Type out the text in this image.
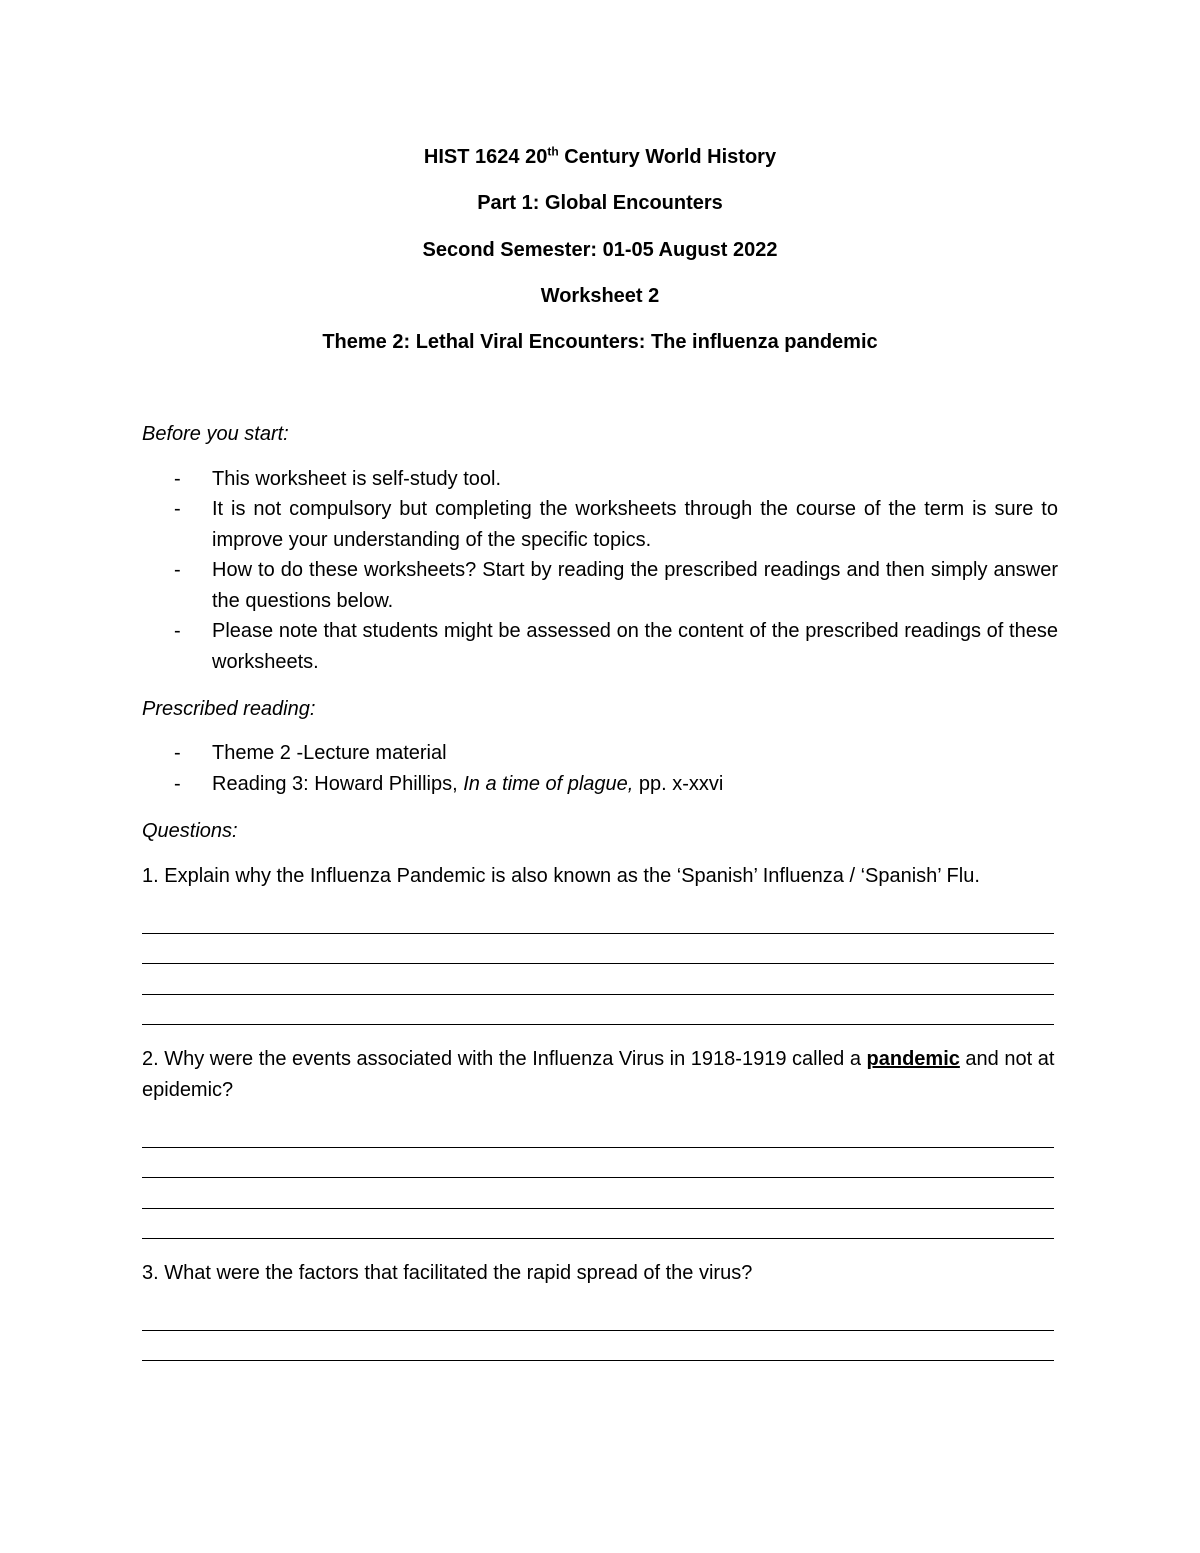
HIST 1624 20th Century World History
Part 1: Global Encounters
Second Semester: 01-05 August 2022
Worksheet 2
Theme 2: Lethal Viral Encounters: The influenza pandemic
Before you start:
- This worksheet is self-study tool.
- It is not compulsory but completing the worksheets through the course of the term is sure to improve your understanding of the specific topics.
- How to do these worksheets? Start by reading the prescribed readings and then simply answer the questions below.
- Please note that students might be assessed on the content of the prescribed readings of these worksheets.
Prescribed reading:
- Theme 2 -Lecture material
- Reading 3: Howard Phillips, In a time of plague, pp. x-xxvi
Questions:
1. Explain why the Influenza Pandemic is also known as the ‘Spanish’ Influenza / ‘Spanish’ Flu.
2. Why were the events associated with the Influenza Virus in 1918-1919 called a pandemic and not at epidemic?
3. What were the factors that facilitated the rapid spread of the virus?
